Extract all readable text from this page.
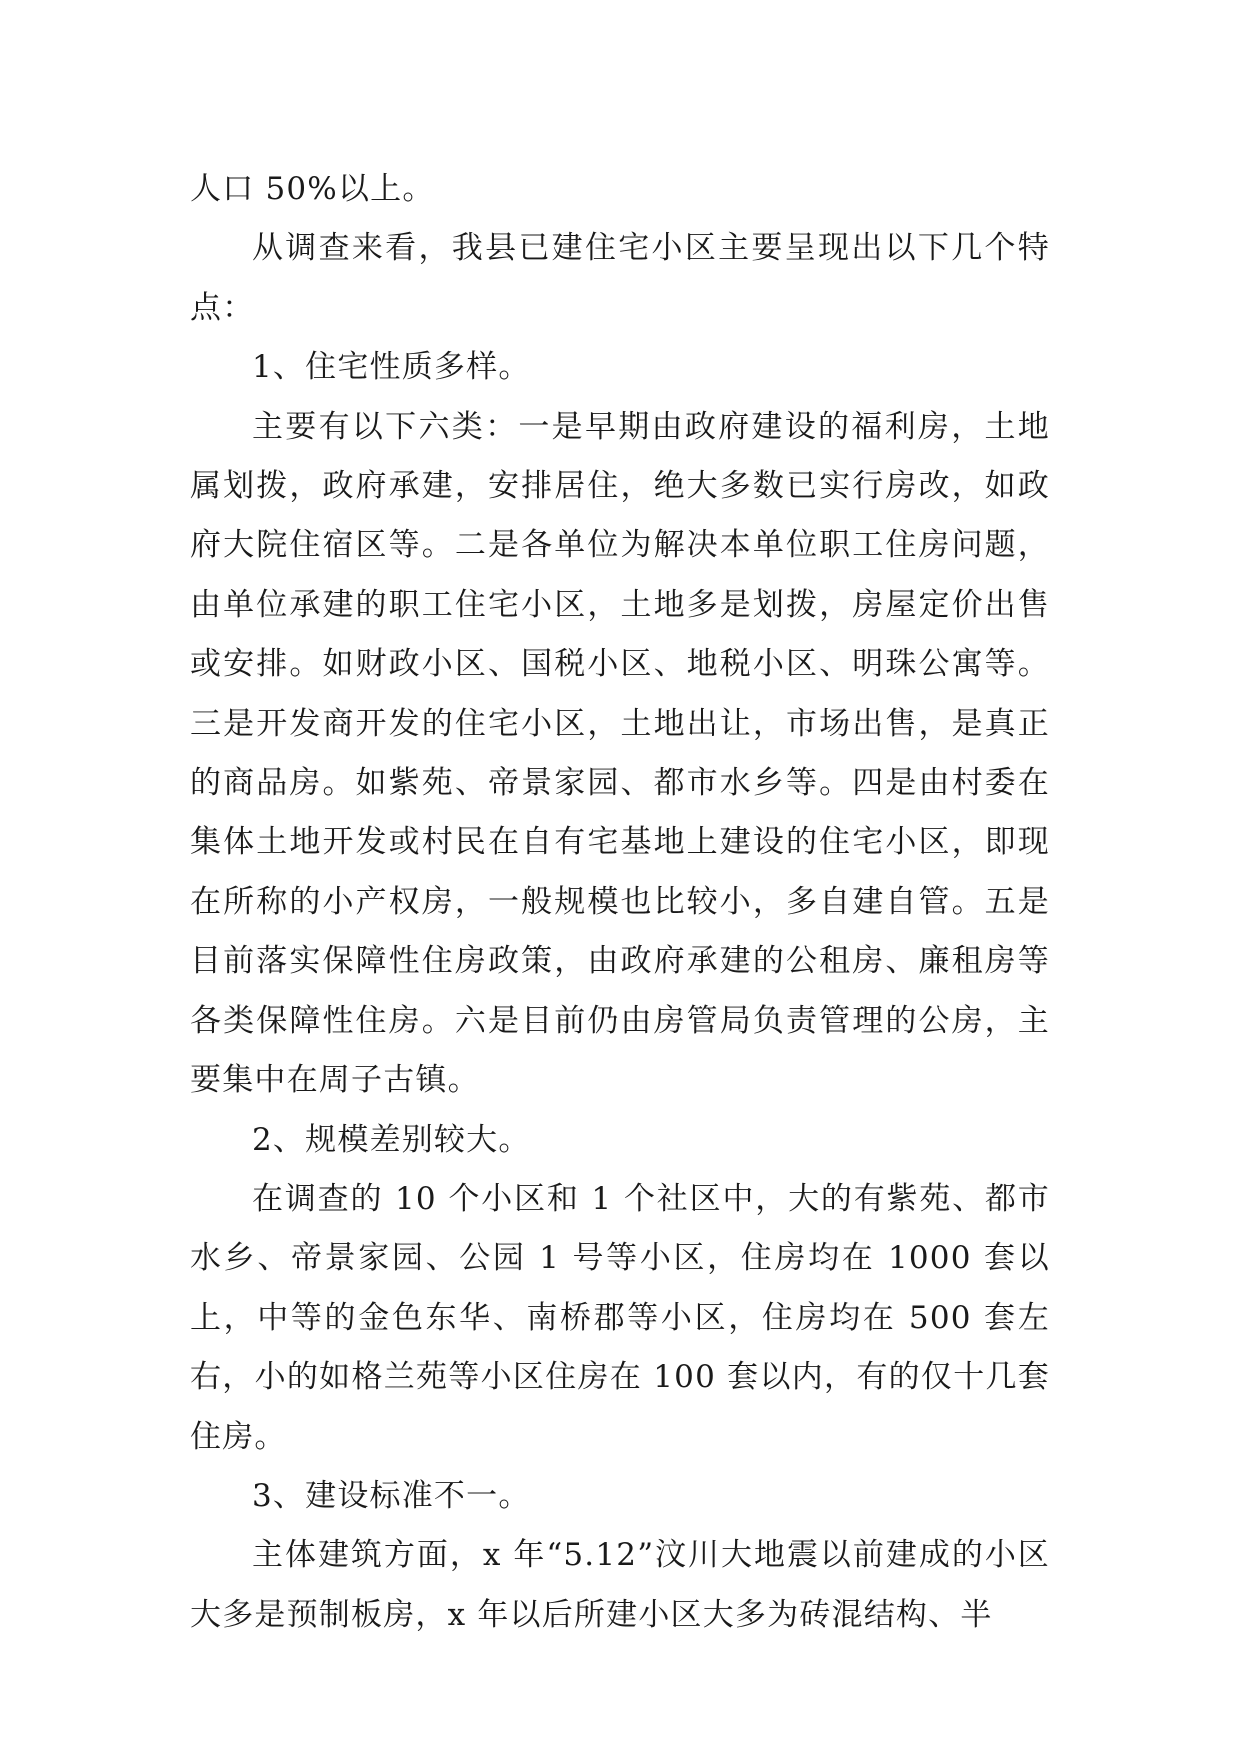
人口 50%以上。

从调查来看，我县已建住宅小区主要呈现出以下几个特点：

1、住宅性质多样。

主要有以下六类：一是早期由政府建设的福利房，土地属划拨，政府承建，安排居住，绝大多数已实行房改，如政府大院住宿区等。二是各单位为解决本单位职工住房问题，由单位承建的职工住宅小区，土地多是划拨，房屋定价出售或安排。如财政小区、国税小区、地税小区、明珠公寓等。三是开发商开发的住宅小区，土地出让，市场出售，是真正的商品房。如紫苑、帝景家园、都市水乡等。四是由村委在集体土地开发或村民在自有宅基地上建设的住宅小区，即现在所称的小产权房，一般规模也比较小，多自建自管。五是目前落实保障性住房政策，由政府承建的公租房、廉租房等各类保障性住房。六是目前仍由房管局负责管理的公房，主要集中在周子古镇。

2、规模差别较大。

在调查的 10 个小区和 1 个社区中，大的有紫苑、都市水乡、帝景家园、公园 1 号等小区，住房均在 1000 套以上，中等的金色东华、南桥郡等小区，住房均在 500 套左右，小的如格兰苑等小区住房在 100 套以内，有的仅十几套住房。

3、建设标准不一。

主体建筑方面，x 年“5.12”汶川大地震以前建成的小区大多是预制板房，x 年以后所建小区大多为砖混结构、半
